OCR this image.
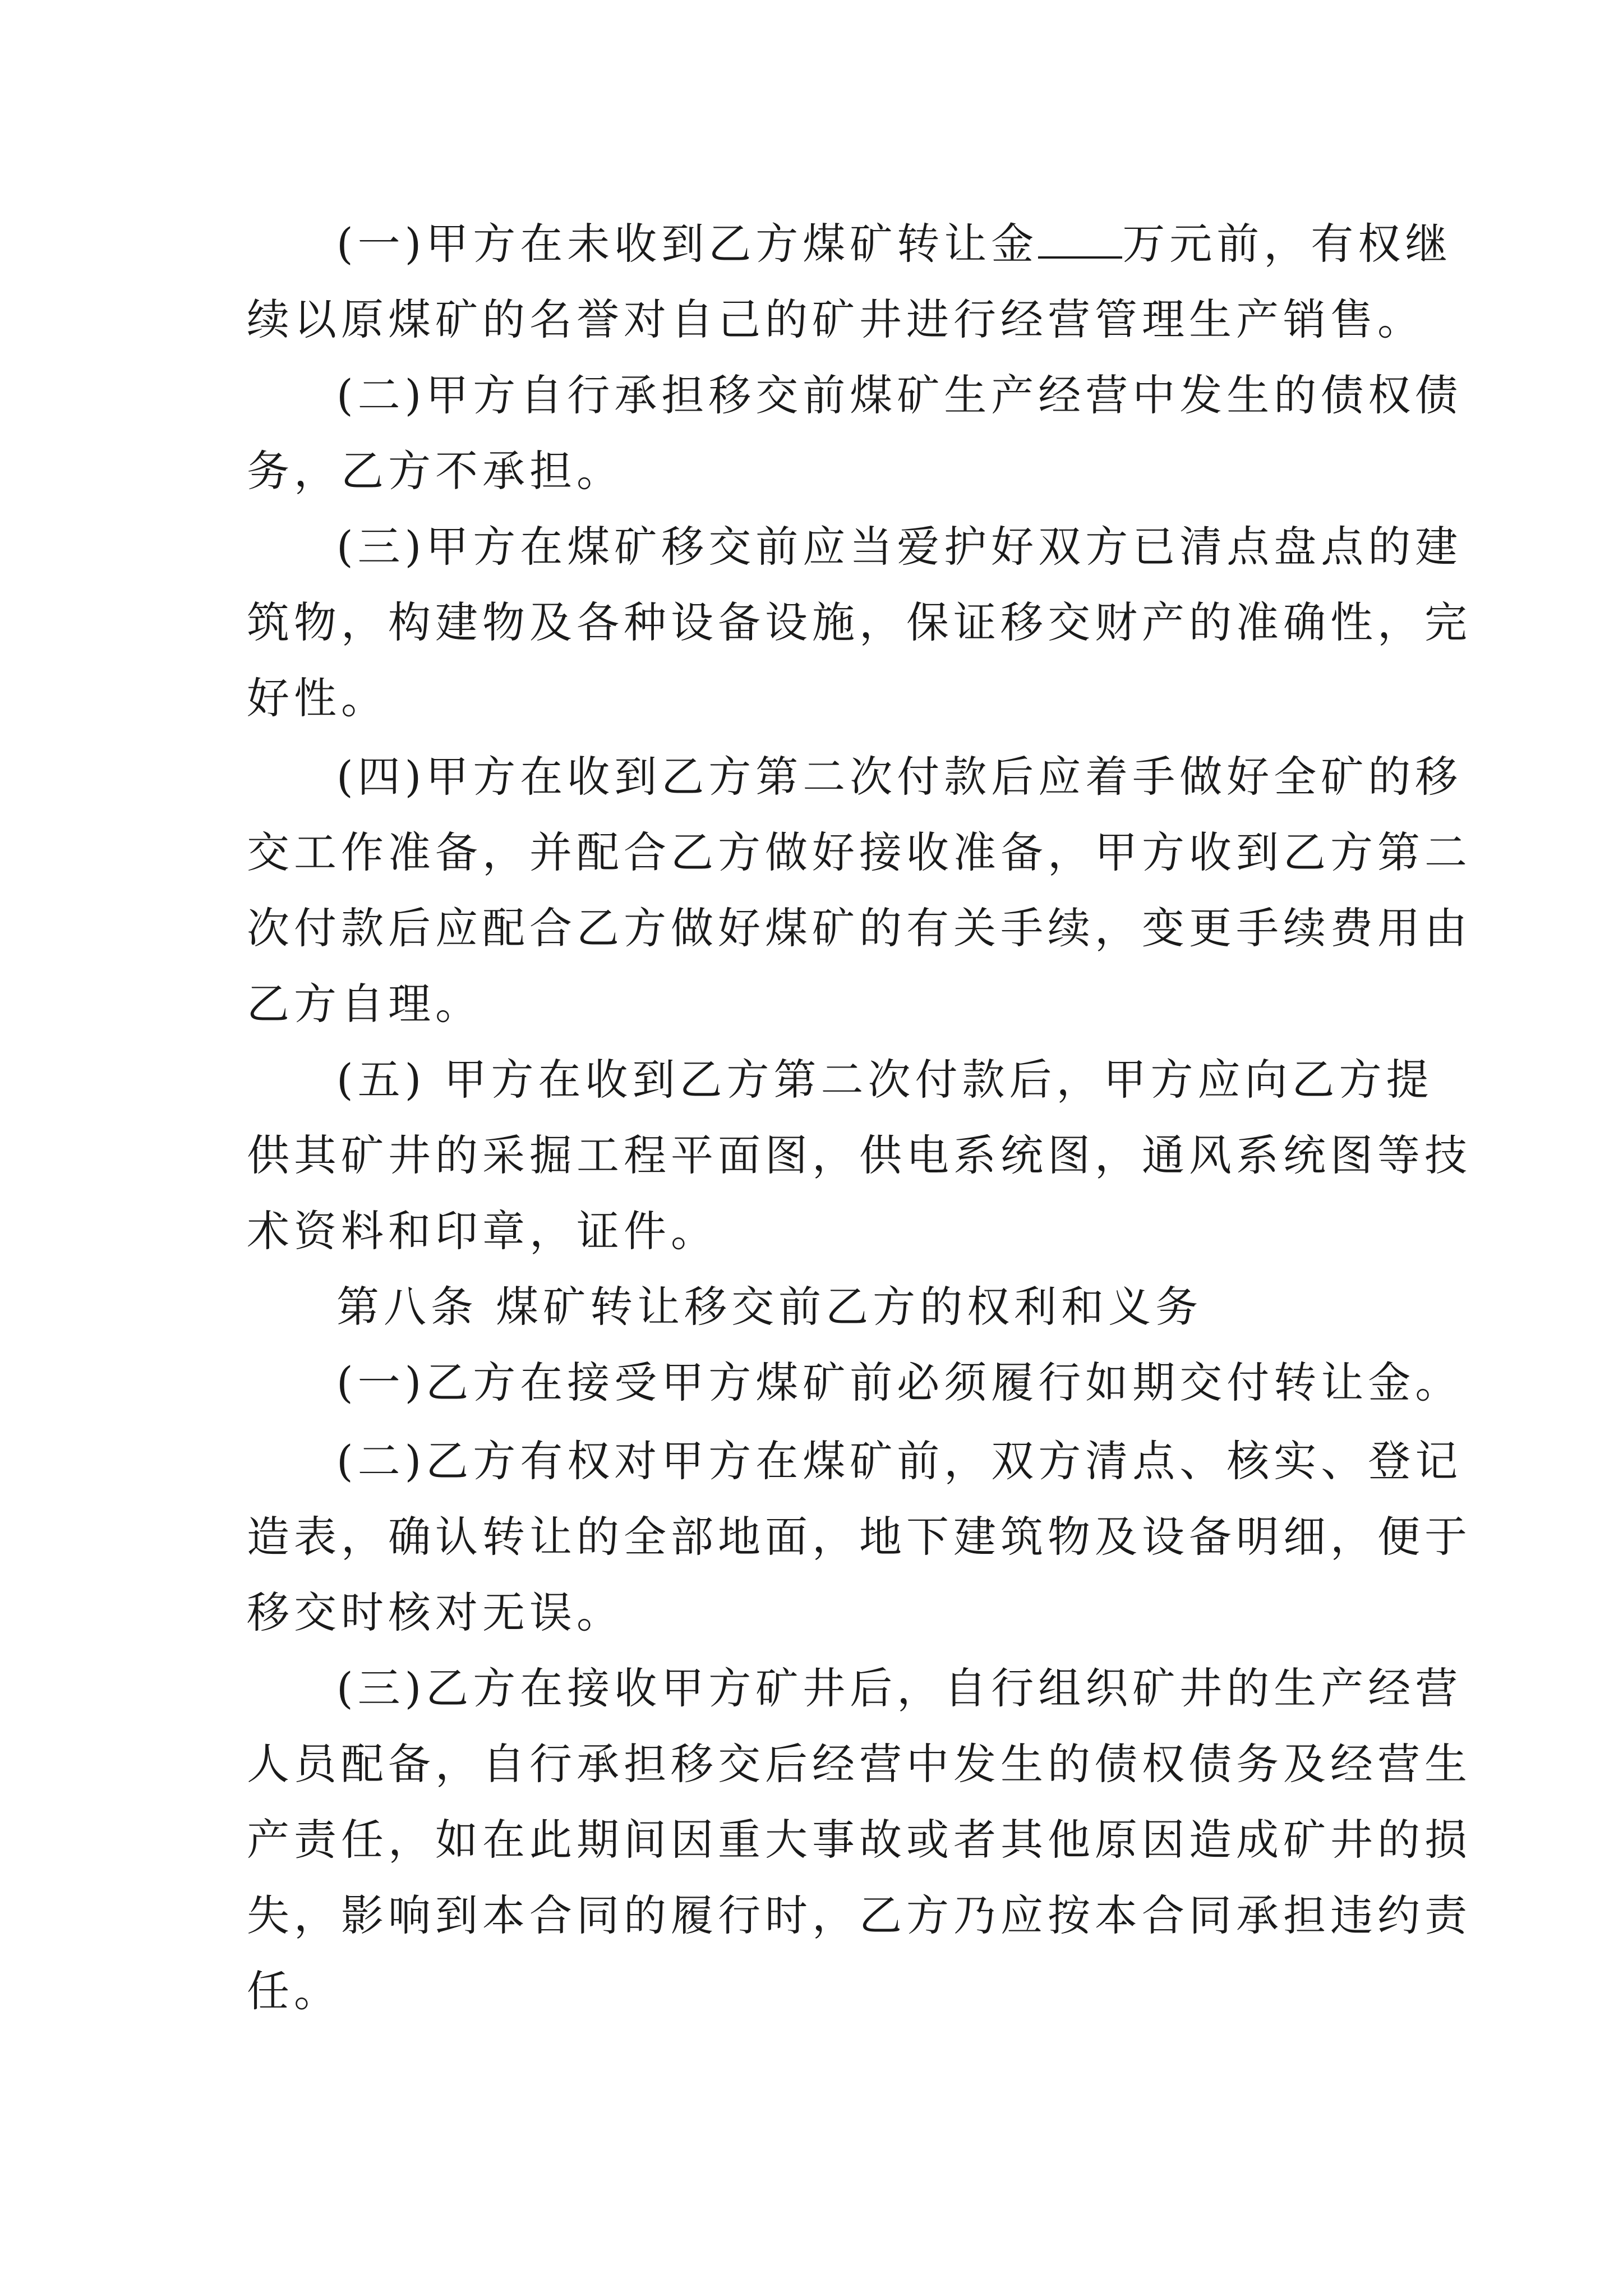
(一)甲方在未收到乙方煤矿转让金 万元前，有权继
续以原煤矿的名誉对自己的矿井进行经营管理生产销售。
(二)甲方自行承担移交前煤矿生产经营中发生的债权债
务，乙方不承担。
(三)甲方在煤矿移交前应当爱护好双方已清点盘点的建
筑物，构建物及各种设备设施，保证移交财产的准确性，完
好性。
(四)甲方在收到乙方第二次付款后应着手做好全矿的移
交工作准备，并配合乙方做好接收准备，甲方收到乙方第二
次付款后应配合乙方做好煤矿的有关手续，变更手续费用由
乙方自理。
(五) 甲方在收到乙方第二次付款后，甲方应向乙方提
供其矿井的采掘工程平面图，供电系统图，通风系统图等技
术资料和印章，证件。
第八条 煤矿转让移交前乙方的权利和义务
(一)乙方在接受甲方煤矿前必须履行如期交付转让金。
(二)乙方有权对甲方在煤矿前，双方清点、核实、登记
造表，确认转让的全部地面，地下建筑物及设备明细，便于
移交时核对无误。
(三)乙方在接收甲方矿井后，自行组织矿井的生产经营
人员配备，自行承担移交后经营中发生的债权债务及经营生
产责任，如在此期间因重大事故或者其他原因造成矿井的损
失，影响到本合同的履行时，乙方乃应按本合同承担违约责
任。
